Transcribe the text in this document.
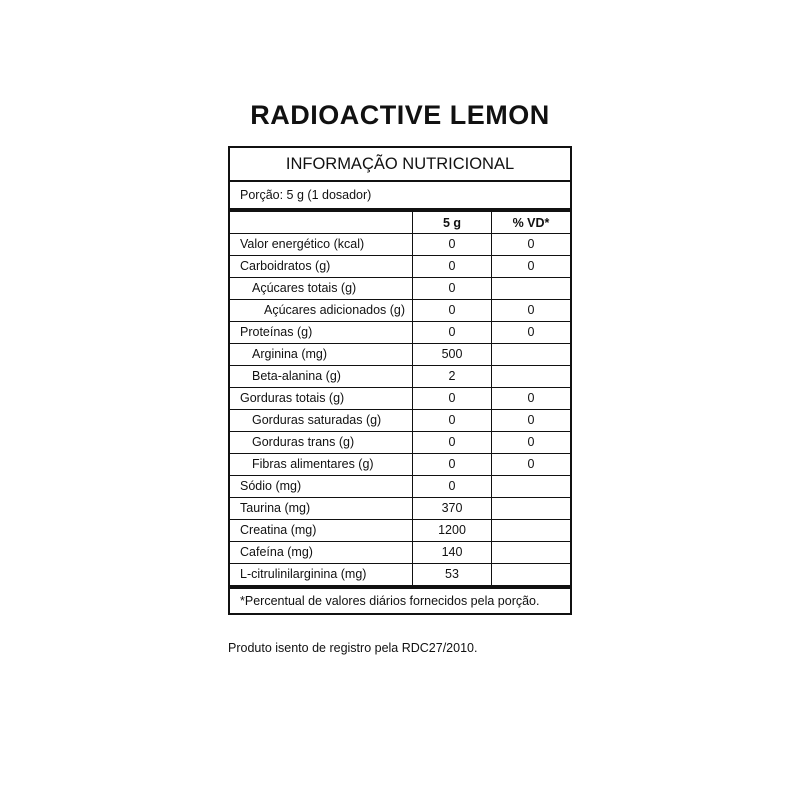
RADIOACTIVE LEMON
INFORMAÇÃO NUTRICIONAL
Porção: 5 g (1 dosador)
	5 g	% VD*
Valor energético (kcal)	0	0
Carboidratos (g)	0	0
Açúcares totais (g)	0	
Açúcares adicionados (g)	0	0
Proteínas (g)	0	0
Arginina (mg)	500	
Beta-alanina (g)	2	
Gorduras totais (g)	0	0
Gorduras saturadas (g)	0	0
Gorduras trans (g)	0	0
Fibras alimentares (g)	0	0
Sódio (mg)	0	
Taurina (mg)	370	
Creatina (mg)	1200	
Cafeína (mg)	140	
L-citrulinilarginina (mg)	53	
*Percentual de valores diários fornecidos pela porção.
Produto isento de registro pela RDC27/2010.
